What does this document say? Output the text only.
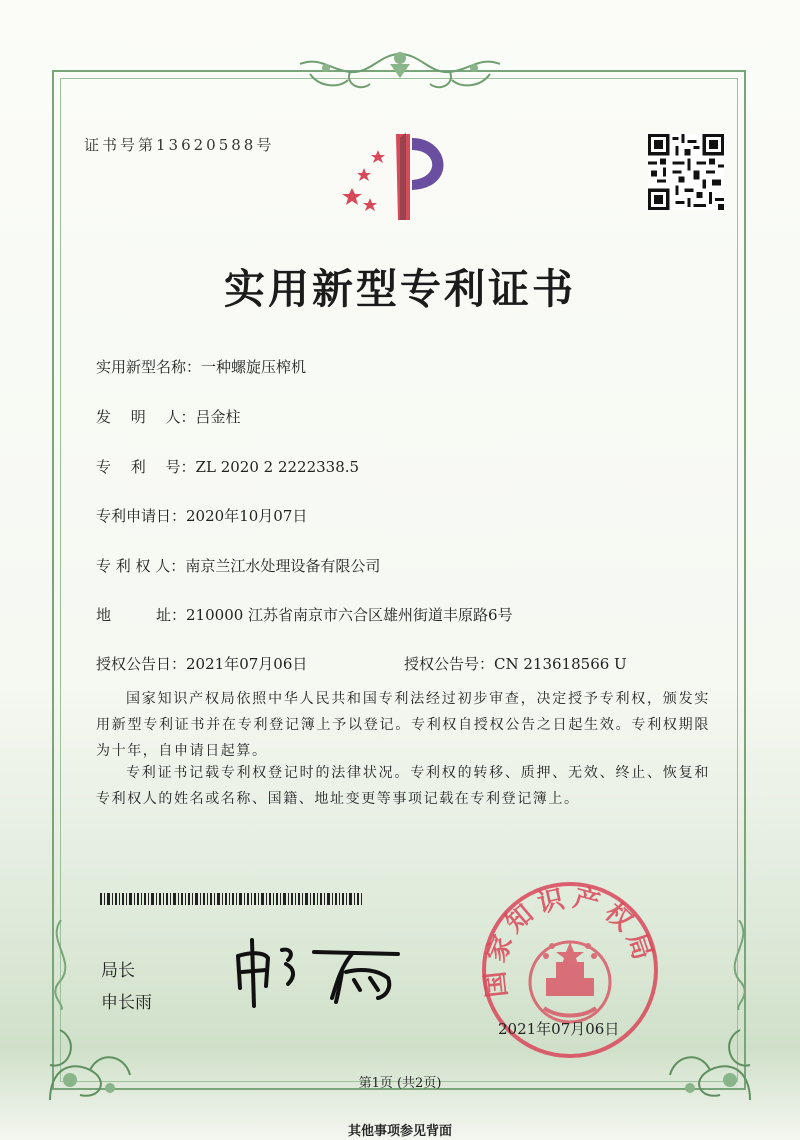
证书号第13620588号
实用新型专利证书
实用新型名称：一种螺旋压榨机
发　 明　 人：吕金柱
专　 利　 号：ZL 2020 2 2222338.5
专利申请日：2020年10月07日
专 利 权 人：南京兰江水处理设备有限公司
地　　　址：210000 江苏省南京市六合区雄州街道丰原路6号
授权公告日：2021年07月06日	授权公告号：CN 213618566 U
国家知识产权局依照中华人民共和国专利法经过初步审查，决定授予专利权，颁发实用新型专利证书并在专利登记簿上予以登记。专利权自授权公告之日起生效。专利权期限为十年，自申请日起算。
专利证书记载专利权登记时的法律状况。专利权的转移、质押、无效、终止、恢复和专利权人的姓名或名称、国籍、地址变更等事项记载在专利登记簿上。
局长
申长雨
国家知识产权局
2021年07月06日
第1页 (共2页)
其他事项参见背面
